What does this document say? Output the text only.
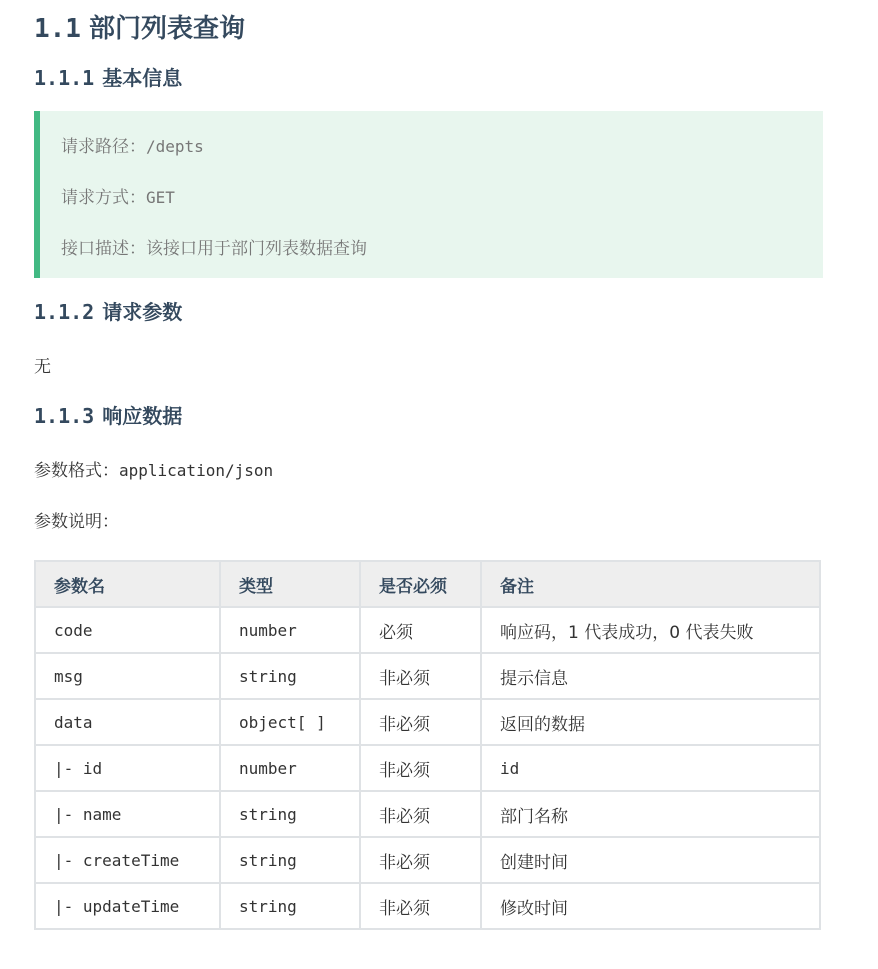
1.1 部门列表查询
1.1.1 基本信息
请求路径：/depts
请求方式：GET
接口描述：该接口用于部门列表数据查询
1.1.2 请求参数
无
1.1.3 响应数据
参数格式：application/json
参数说明：
参数名	类型	是否必须	备注
code	number	必须	响应码，1 代表成功，0 代表失败
msg	string	非必须	提示信息
data	object[ ]	非必须	返回的数据
|- id	number	非必须	id
|- name	string	非必须	部门名称
|- createTime	string	非必须	创建时间
|- updateTime	string	非必须	修改时间
